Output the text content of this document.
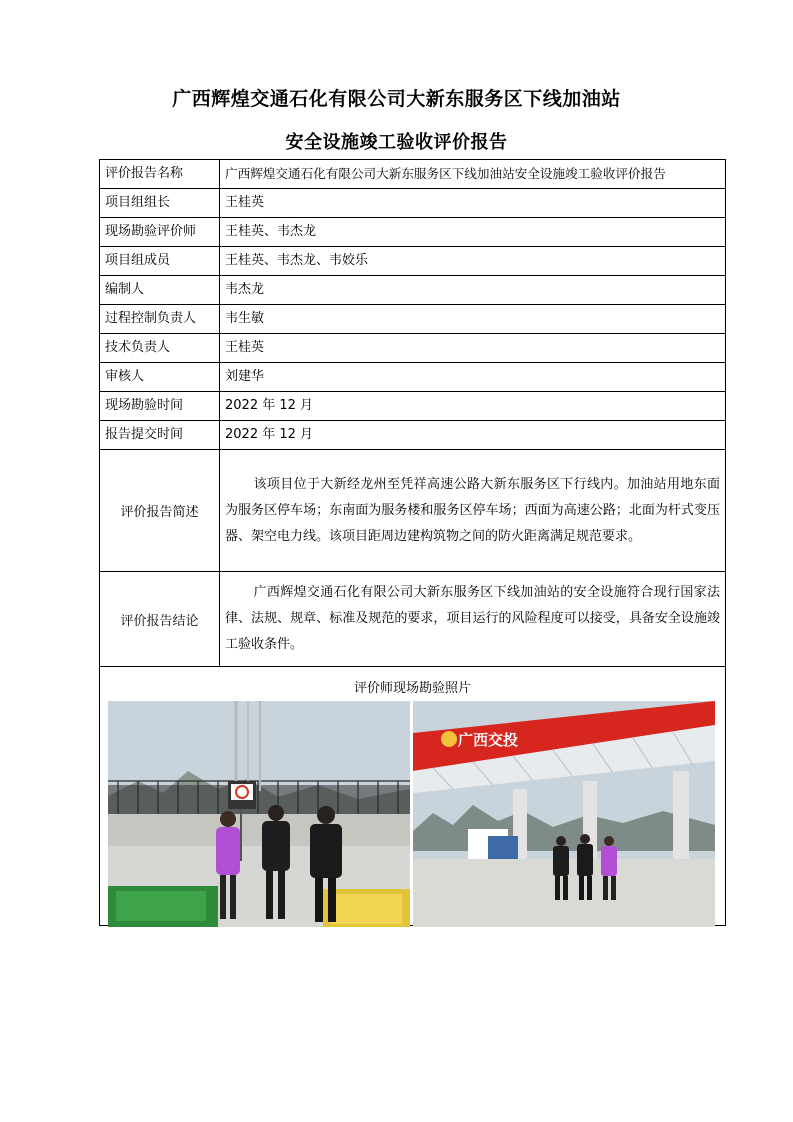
广西辉煌交通石化有限公司大新东服务区下线加油站
安全设施竣工验收评价报告
评价报告名称	广西辉煌交通石化有限公司大新东服务区下线加油站安全设施竣工验收评价报告
项目组组长	王桂英
现场勘验评价师	王桂英、韦杰龙
项目组成员	王桂英、韦杰龙、韦姣乐
编制人	韦杰龙
过程控制负责人	韦生敏
技术负责人	王桂英
审核人	刘建华
现场勘验时间	2022 年 12 月
报告提交时间	2022 年 12 月
评价报告简述	该项目位于大新经龙州至凭祥高速公路大新东服务区下行线内。加油站用地东面为服务区停车场；东南面为服务楼和服务区停车场；西面为高速公路；北面为杆式变压器、架空电力线。该项目距周边建构筑物之间的防火距离满足规范要求。
评价报告结论	广西辉煌交通石化有限公司大新东服务区下线加油站的安全设施符合现行国家法律、法规、规章、标准及规范的要求，项目运行的风险程度可以接受，具备安全设施竣工验收条件。

评价师现场勘验照片
广西交投	
